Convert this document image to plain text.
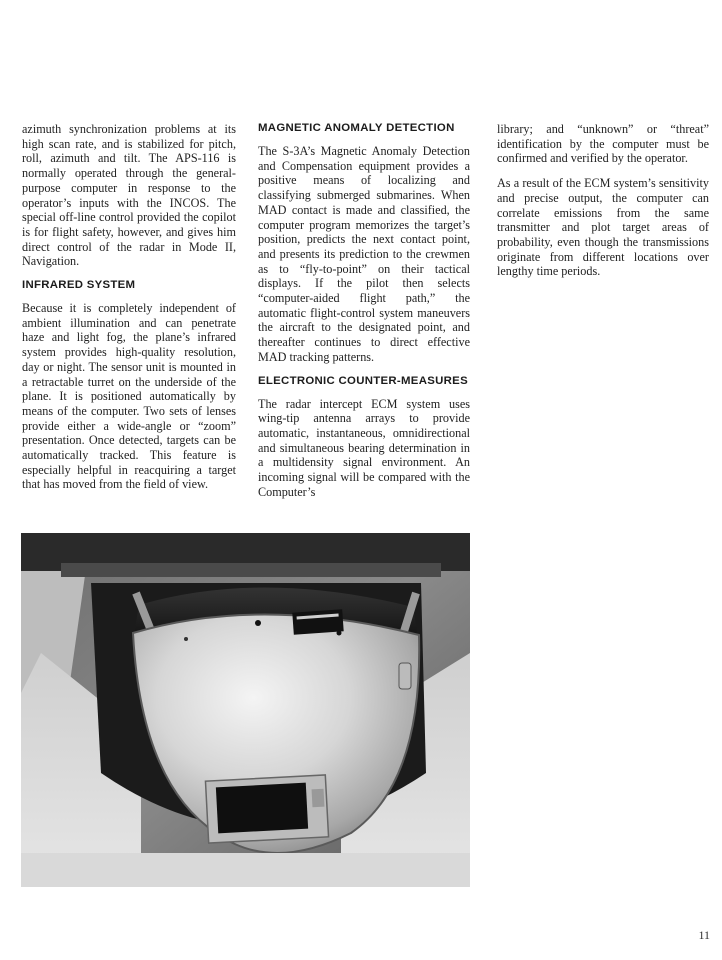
azimuth synchronization problems at its high scan rate, and is stabilized for pitch, roll, azimuth and tilt. The APS-116 is normally operated through the general-purpose computer in response to the operator’s inputs with the INCOS. The special off-line control provided the copilot is for flight safety, however, and gives him direct control of the radar in Mode II, Navigation.

INFRARED SYSTEM

Because it is completely independent of ambient illumination and can penetrate haze and light fog, the plane’s infrared system provides high-quality resolution, day or night. The sensor unit is mounted in a retractable turret on the underside of the plane. It is positioned automatically by means of the computer. Two sets of lenses provide either a wide-angle or “zoom” presentation. Once detected, targets can be automatically tracked. This feature is especially helpful in reacquiring a target that has moved from the field of view.

MAGNETIC ANOMALY DETECTION

The S-3A’s Magnetic Anomaly Detection and Compensation equipment provides a positive means of localizing and classifying submerged submarines. When MAD contact is made and classified, the computer program memorizes the target’s position, predicts the next contact point, and presents its prediction to the crewmen as to “fly-to-point” on their tactical displays. If the pilot then selects “computer-aided flight path,” the automatic flight-control system maneuvers the aircraft to the designated point, and thereafter continues to direct effective MAD tracking patterns.

ELECTRONIC COUNTER-MEASURES

The radar intercept ECM system uses wing-tip antenna arrays to provide automatic, instantaneous, omnidirectional and simultaneous bearing determination in a multidensity signal environment. An incoming signal will be compared with the Computer’s

library; and “unknown” or “threat” identification by the computer must be confirmed and verified by the operator.

As a result of the ECM system’s sensitivity and precise output, the computer can correlate emissions from the same transmitter and plot target areas of probability, even though the transmissions originate from different locations over lengthy time periods.

11
